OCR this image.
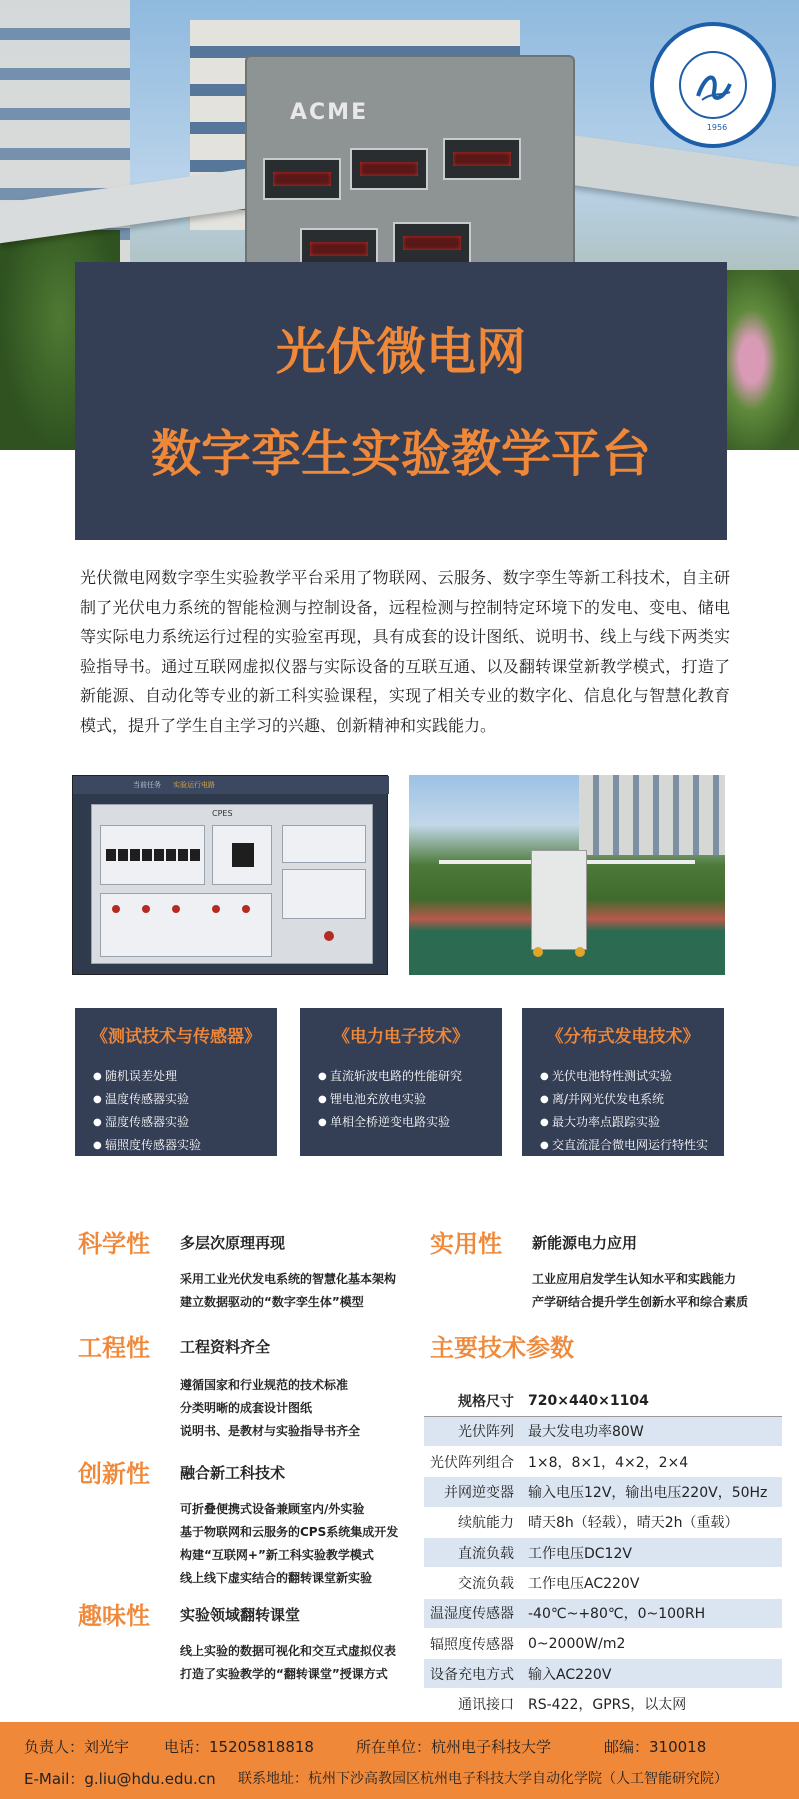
ACME
1956
光伏微电网
数字孪生实验教学平台

光伏微电网数字孪生实验教学平台采用了物联网、云服务、数字孪生等新工科技术，自主研制了光伏电力系统的智能检测与控制设备，远程检测与控制特定环境下的发电、变电、储电等实际电力系统运行过程的实验室再现，具有成套的设计图纸、说明书、线上与线下两类实验指导书。通过互联网虚拟仪器与实际设备的互联互通、以及翻转课堂新教学模式，打造了新能源、自动化等专业的新工科实验课程，实现了相关专业的数字化、信息化与智慧化教育模式，提升了学生自主学习的兴趣、创新精神和实践能力。

当前任务 实验运行电路
CPES
《测试技术与传感器》
● 随机误差处理
● 温度传感器实验
● 湿度传感器实验
● 辐照度传感器实验
《电力电子技术》
● 直流斩波电路的性能研究
● 锂电池充放电实验
● 单相全桥逆变电路实验
《分布式发电技术》
● 光伏电池特性测试实验
● 离/并网光伏发电系统
● 最大功率点跟踪实验
● 交直流混合微电网运行特性实验
科学性 多层次原理再现
采用工业光伏发电系统的智慧化基本架构
建立数据驱动的“数字孪生体”模型
工程性 工程资料齐全
遵循国家和行业规范的技术标准
分类明晰的成套设计图纸
说明书、是教材与实验指导书齐全
创新性 融合新工科技术
可折叠便携式设备兼顾室内/外实验
基于物联网和云服务的CPS系统集成开发
构建“互联网+”新工科实验教学模式
线上线下虚实结合的翻转课堂新实验
趣味性 实验领域翻转课堂
线上实验的数据可视化和交互式虚拟仪表
打造了实验教学的“翻转课堂”授课方式
实用性 新能源电力应用
工业应用启发学生认知水平和实践能力
产学研结合提升学生创新水平和综合素质
主要技术参数
规格尺寸	720×440×1104
光伏阵列	最大发电功率80W
光伏阵列组合	1×8，8×1，4×2，2×4
并网逆变器	输入电压12V，输出电压220V，50Hz
续航能力	晴天8h（轻载），晴天2h（重载）
直流负载	工作电压DC12V
交流负载	工作电压AC220V
温湿度传感器	-40℃~+80℃，0~100RH
辐照度传感器	0~2000W/m2
设备充电方式	输入AC220V
通讯接口	RS-422，GPRS，以太网
负责人：刘光宇 电话：15205818818	所在单位：杭州电子科技大学	邮编：310018
E-Mail：g.liu@hdu.edu.cn 联系地址：杭州下沙高教园区杭州电子科技大学自动化学院（人工智能研究院）
